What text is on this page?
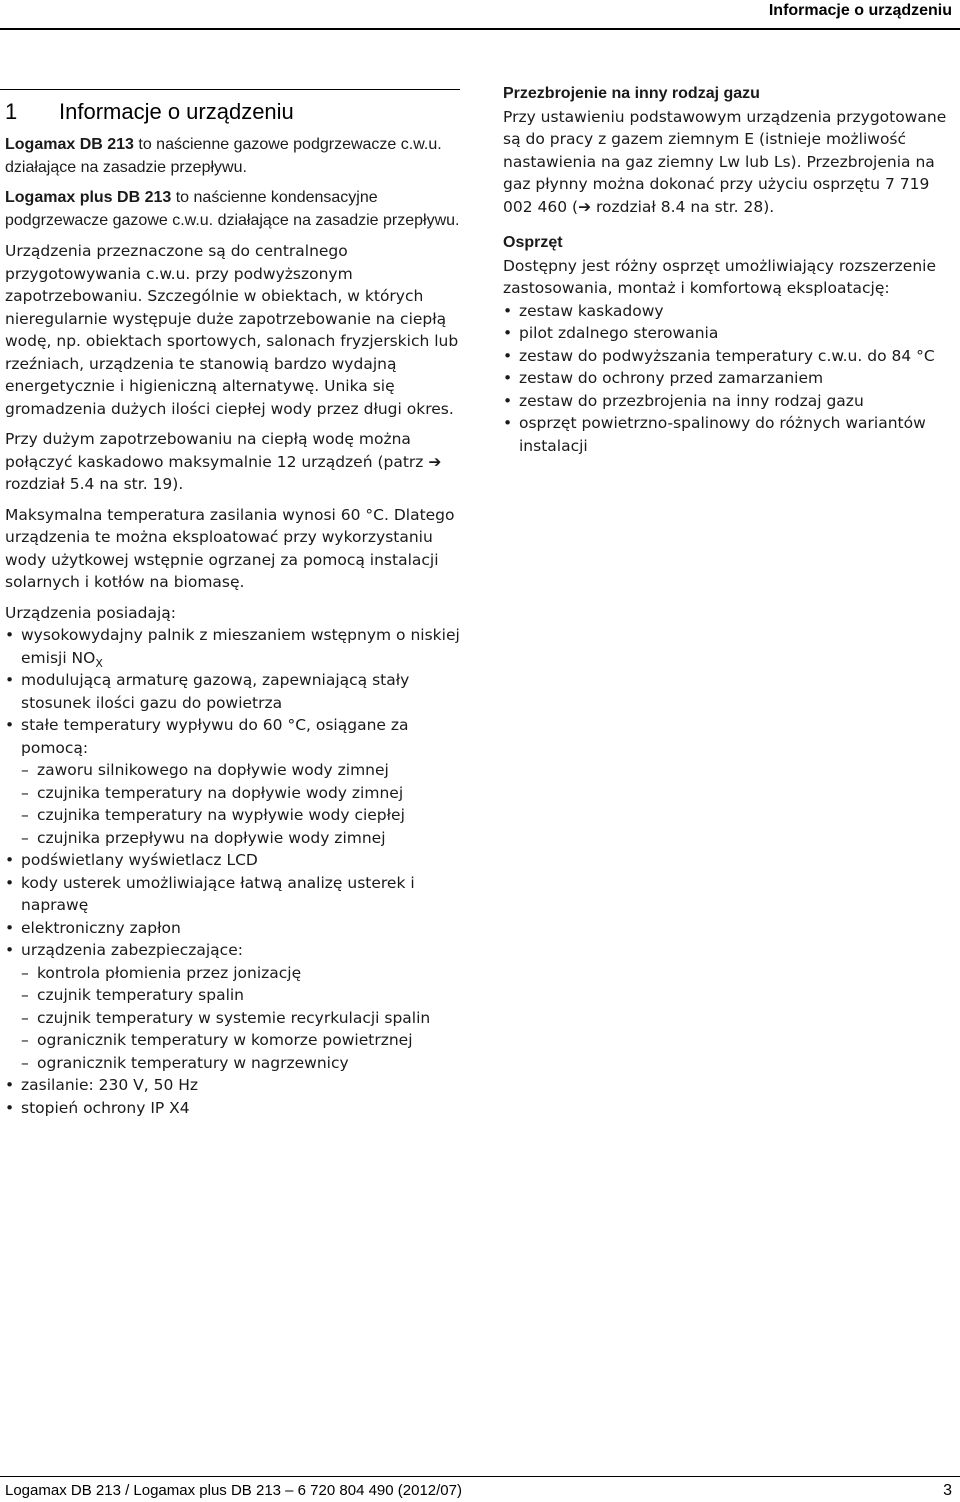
Informacje o urządzeniu
1 Informacje o urządzeniu

Logamax DB 213 to naścienne gazowe podgrzewacze c.w.u. działające na zasadzie przepływu.

Logamax plus DB 213 to naścienne kondensacyjne podgrzewacze gazowe c.w.u. działające na zasadzie przepływu.

Urządzenia przeznaczone są do centralnego przygotowywania c.w.u. przy podwyższonym zapotrzebowaniu. Szczególnie w obiektach, w których nieregularnie występuje duże zapotrzebowanie na ciepłą wodę, np. obiektach sportowych, salonach fryzjerskich lub rzeźniach, urządzenia te stanowią bardzo wydajną energetycznie i higieniczną alternatywę. Unika się gromadzenia dużych ilości ciepłej wody przez długi okres.

Przy dużym zapotrzebowaniu na ciepłą wodę można połączyć kaskadowo maksymalnie 12 urządzeń (patrz ➔ rozdział 5.4 na str. 19).

Maksymalna temperatura zasilania wynosi 60 °C. Dlatego urządzenia te można eksploatować przy wykorzystaniu wody użytkowej wstępnie ogrzanej za pomocą instalacji solarnych i kotłów na biomasę.

Urządzenia posiadają:

• wysokowydajny palnik z mieszaniem wstępnym o niskiej emisji $NO_X$
• modulującą armaturę gazową, zapewniającą stały stosunek ilości gazu do powietrza
• stałe temperatury wypływu do 60 °C, osiągane za pomocą:
– zaworu silnikowego na dopływie wody zimnej
– czujnika temperatury na dopływie wody zimnej
– czujnika temperatury na wypływie wody ciepłej
– czujnika przepływu na dopływie wody zimnej
• podświetlany wyświetlacz LCD
• kody usterek umożliwiające łatwą analizę usterek i naprawę
• elektroniczny zapłon
• urządzenia zabezpieczające:
– kontrola płomienia przez jonizację
– czujnik temperatury spalin
– czujnik temperatury w systemie recyrkulacji spalin
– ogranicznik temperatury w komorze powietrznej
– ogranicznik temperatury w nagrzewnicy
• zasilanie: 230 V, 50 Hz
• stopień ochrony IP X4

Przezbrojenie na inny rodzaj gazu

Przy ustawieniu podstawowym urządzenia przygotowane są do pracy z gazem ziemnym E (istnieje możliwość nastawienia na gaz ziemny Lw lub Ls). Przezbrojenia na gaz płynny można dokonać przy użyciu osprzętu 7 719 002 460 (➔ rozdział 8.4 na str. 28).

Osprzęt

Dostępny jest różny osprzęt umożliwiający rozszerzenie zastosowania, montaż i komfortową eksploatację:

• zestaw kaskadowy
• pilot zdalnego sterowania
• zestaw do podwyższania temperatury c.w.u. do 84 °C
• zestaw do ochrony przed zamarzaniem
• zestaw do przezbrojenia na inny rodzaj gazu
• osprzęt powietrzno-spalinowy do różnych wariantów instalacji
Logamax DB 213 / Logamax plus DB 213 – 6 720 804 490 (2012/07)	3
